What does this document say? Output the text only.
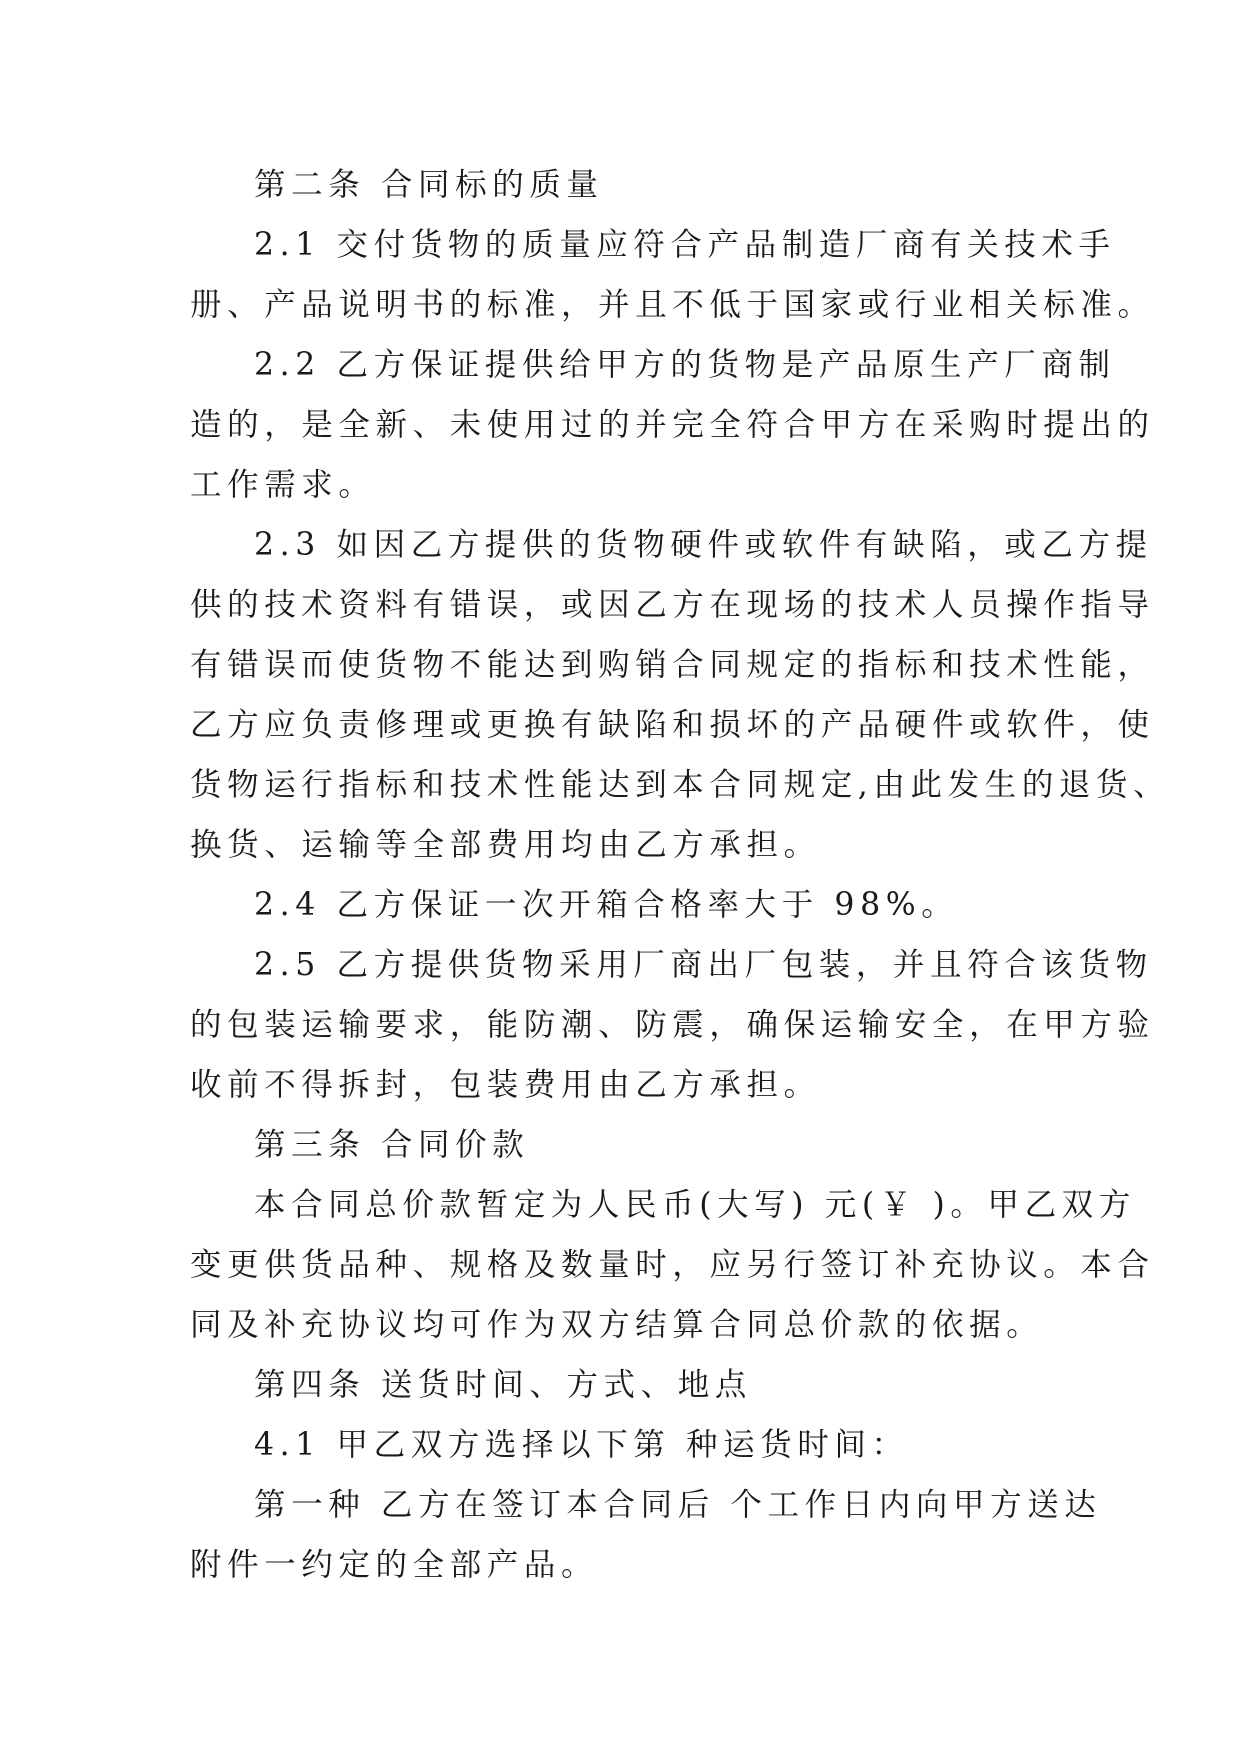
第二条 合同标的质量

2.1 交付货物的质量应符合产品制造厂商有关技术手
册、产品说明书的标准，并且不低于国家或行业相关标准。

2.2 乙方保证提供给甲方的货物是产品原生产厂商制
造的，是全新、未使用过的并完全符合甲方在采购时提出的
工作需求。

2.3 如因乙方提供的货物硬件或软件有缺陷，或乙方提
供的技术资料有错误，或因乙方在现场的技术人员操作指导
有错误而使货物不能达到购销合同规定的指标和技术性能，
乙方应负责修理或更换有缺陷和损坏的产品硬件或软件，使
货物运行指标和技术性能达到本合同规定,由此发生的退货、
换货、运输等全部费用均由乙方承担。

2.4 乙方保证一次开箱合格率大于 98%。

2.5 乙方提供货物采用厂商出厂包装，并且符合该货物
的包装运输要求，能防潮、防震，确保运输安全，在甲方验
收前不得拆封，包装费用由乙方承担。

第三条 合同价款

本合同总价款暂定为人民币(大写) 元(￥ )。甲乙双方
变更供货品种、规格及数量时，应另行签订补充协议。本合
同及补充协议均可作为双方结算合同总价款的依据。

第四条 送货时间、方式、地点

4.1 甲乙双方选择以下第 种运货时间：

第一种 乙方在签订本合同后 个工作日内向甲方送达
附件一约定的全部产品。
